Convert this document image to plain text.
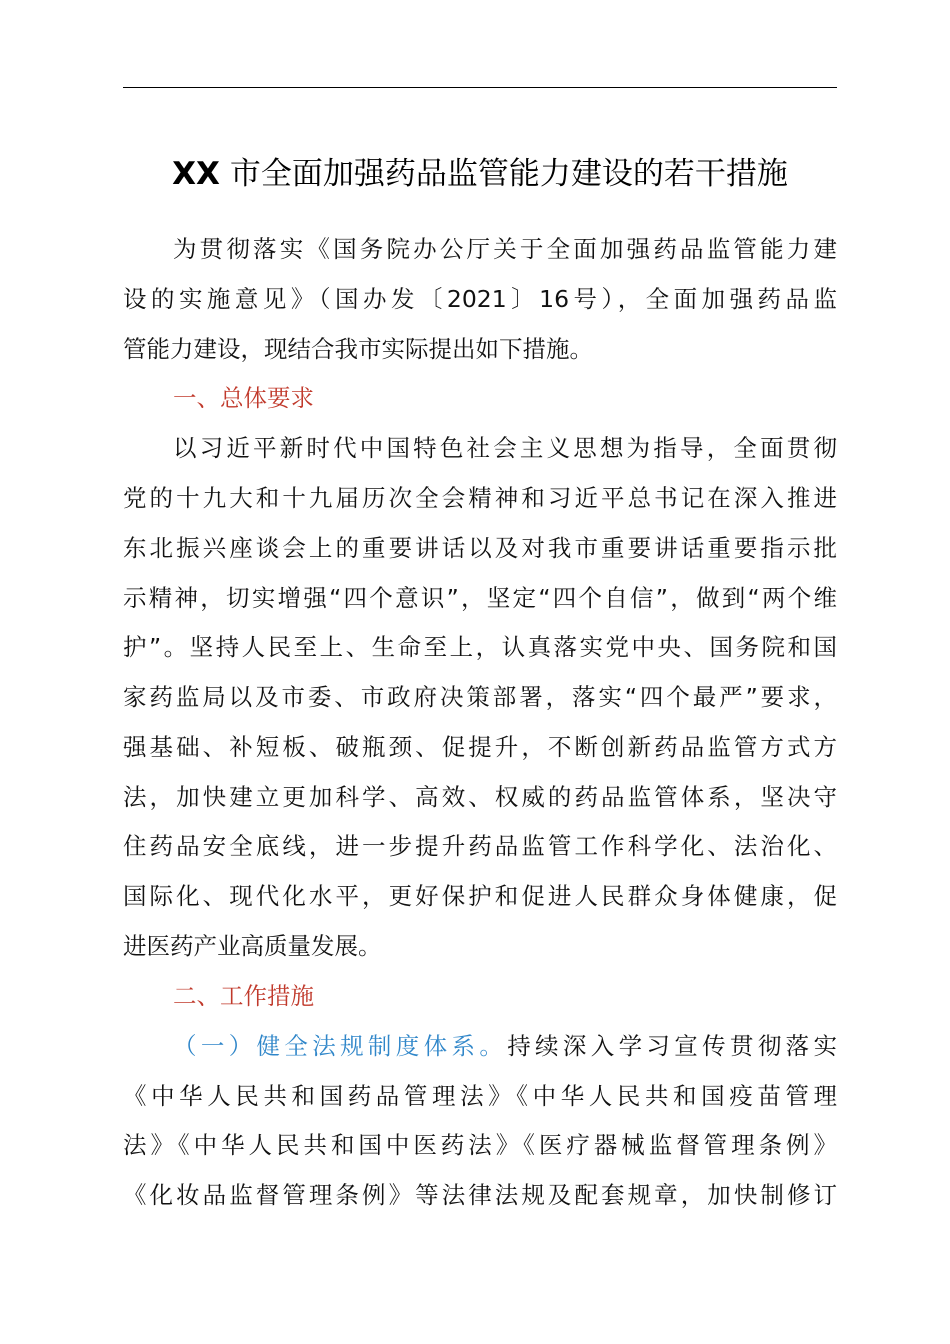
XX 市全面加强药品监管能力建设的若干措施
为贯彻落实《国务院办公厅关于全面加强药品监管能力建
设的实施意见》（国办发〔2021〕16号），全面加强药品监
管能力建设，现结合我市实际提出如下措施。
一、总体要求
以习近平新时代中国特色社会主义思想为指导，全面贯彻
党的十九大和十九届历次全会精神和习近平总书记在深入推进
东北振兴座谈会上的重要讲话以及对我市重要讲话重要指示批
示精神，切实增强“四个意识”，坚定“四个自信”，做到“两个维
护”。坚持人民至上、生命至上，认真落实党中央、国务院和国
家药监局以及市委、市政府决策部署，落实“四个最严”要求，
强基础、补短板、破瓶颈、促提升，不断创新药品监管方式方
法，加快建立更加科学、高效、权威的药品监管体系，坚决守
住药品安全底线，进一步提升药品监管工作科学化、法治化、
国际化、现代化水平，更好保护和促进人民群众身体健康，促
进医药产业高质量发展。
二、工作措施
（一）健全法规制度体系。持续深入学习宣传贯彻落实
《中华人民共和国药品管理法》《中华人民共和国疫苗管理
法》《中华人民共和国中医药法》《医疗器械监督管理条例》
《化妆品监督管理条例》等法律法规及配套规章，加快制修订
